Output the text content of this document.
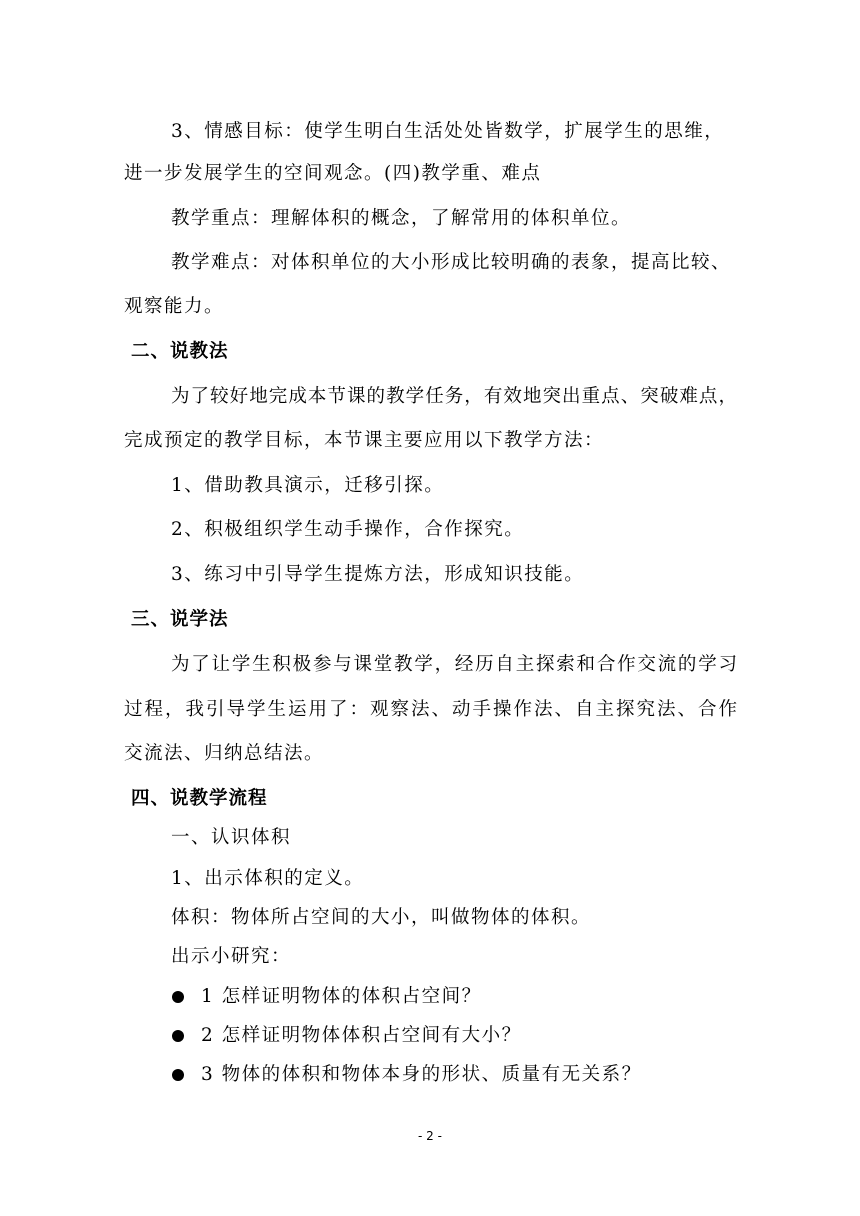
3、情感目标：使学生明白生活处处皆数学，扩展学生的思维，
进一步发展学生的空间观念。(四)教学重、难点
教学重点：理解体积的概念，了解常用的体积单位。
教学难点：对体积单位的大小形成比较明确的表象，提高比较、
观察能力。
二、说教法
为了较好地完成本节课的教学任务，有效地突出重点、突破难点，
完成预定的教学目标，本节课主要应用以下教学方法：
1、借助教具演示，迁移引探。
2、积极组织学生动手操作，合作探究。
3、练习中引导学生提炼方法，形成知识技能。
三、说学法
为了让学生积极参与课堂教学，经历自主探索和合作交流的学习
过程，我引导学生运用了：观察法、动手操作法、自主探究法、合作
交流法、归纳总结法。
四、说教学流程
一、认识体积
1、出示体积的定义。
体积：物体所占空间的大小，叫做物体的体积。
出示小研究：
1 怎样证明物体的体积占空间？
2 怎样证明物体体积占空间有大小？
3 物体的体积和物体本身的形状、质量有无关系？
- 2 -
